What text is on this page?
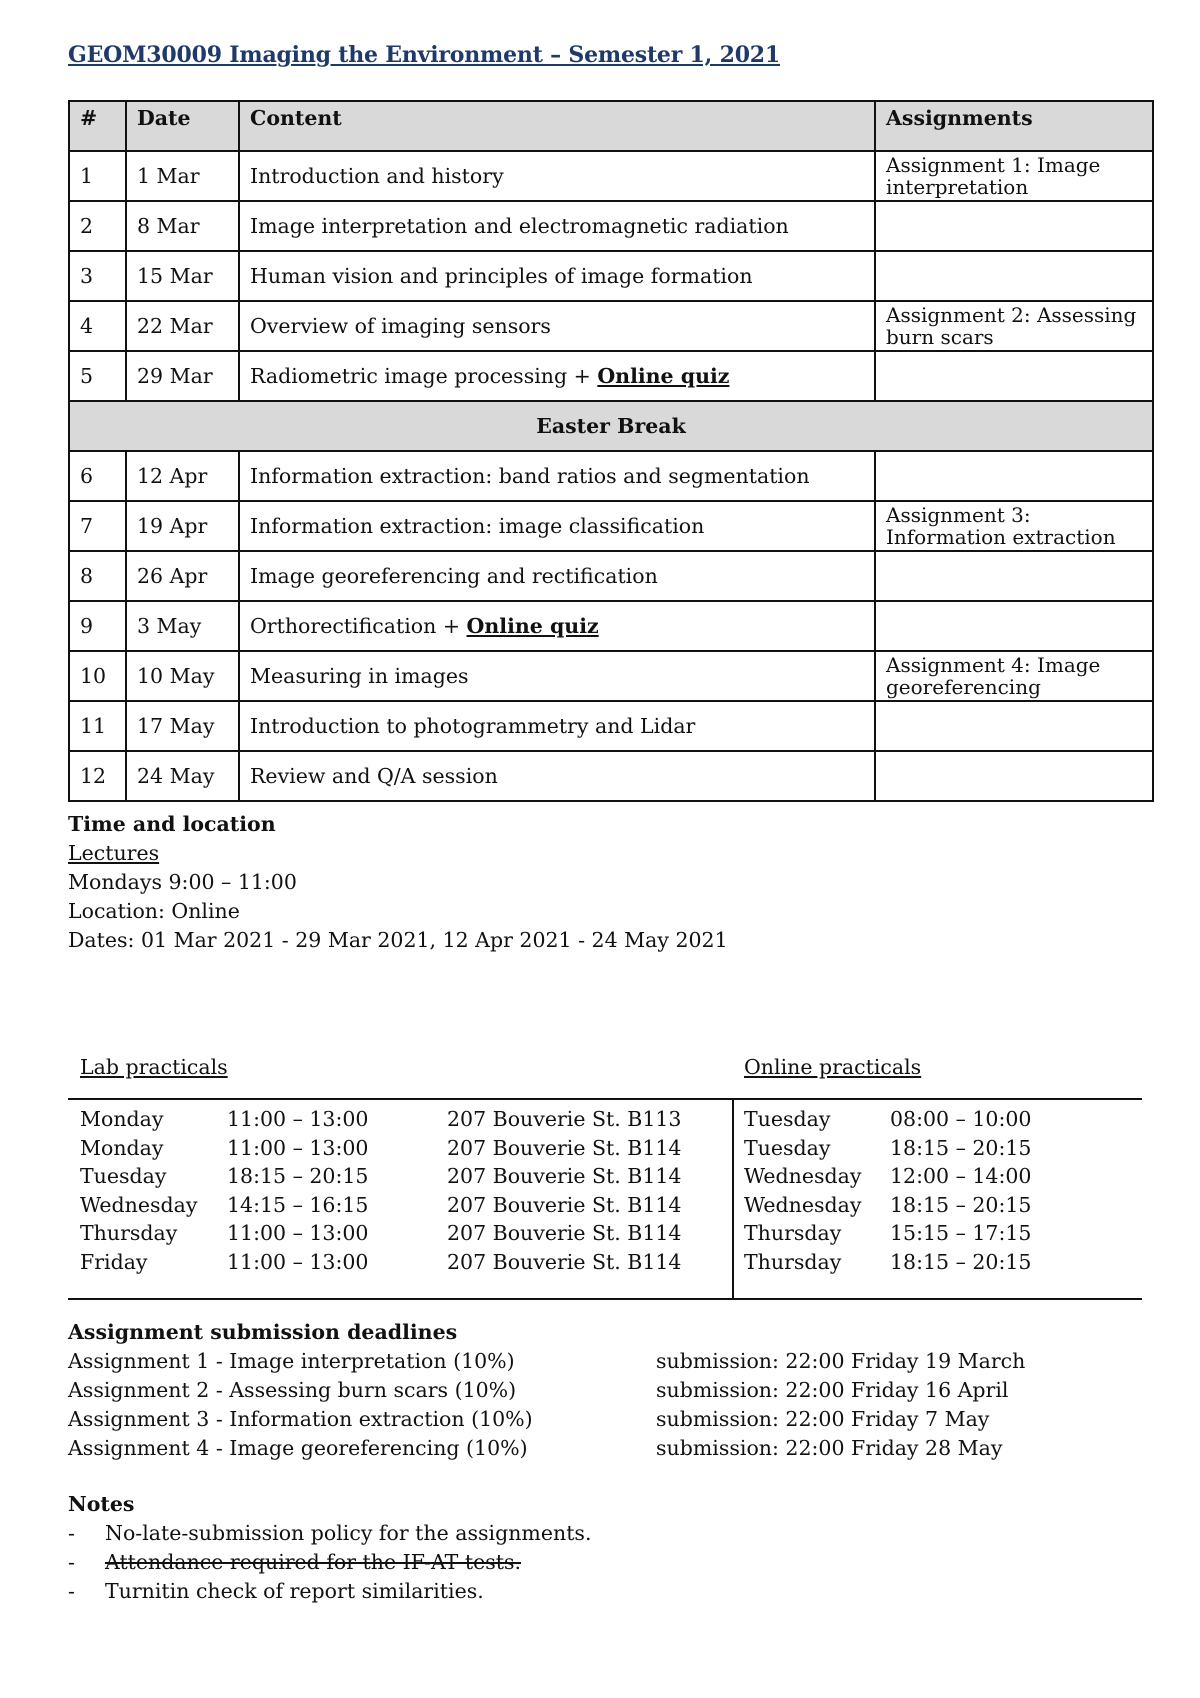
GEOM30009 Imaging the Environment – Semester 1, 2021
#	Date	Content	Assignments
1	1 Mar	Introduction and history	Assignment 1: Image interpretation
2	8 Mar	Image interpretation and electromagnetic radiation	
3	15 Mar	Human vision and principles of image formation	
4	22 Mar	Overview of imaging sensors	Assignment 2: Assessing burn scars
5	29 Mar	Radiometric image processing + Online quiz	
Easter Break			
6	12 Apr	Information extraction: band ratios and segmentation	
7	19 Apr	Information extraction: image classification	Assignment 3: Information extraction
8	26 Apr	Image georeferencing and rectification	
9	3 May	Orthorectification + Online quiz	
10	10 May	Measuring in images	Assignment 4: Image georeferencing
11	17 May	Introduction to photogrammetry and Lidar	
12	24 May	Review and Q/A session	
Time and location
Lectures
Mondays 9:00 – 11:00
Location: Online
Dates: 01 Mar 2021 - 29 Mar 2021, 12 Apr 2021 - 24 May 2021
Lab practicals	Online practicals
Monday	11:00 – 13:00	207 Bouverie St. B113
Monday	11:00 – 13:00	207 Bouverie St. B114
Tuesday	18:15 – 20:15	207 Bouverie St. B114
Wednesday 14:15 – 16:15	207 Bouverie St. B114
Thursday 11:00 – 13:00	207 Bouverie St. B114
Friday	11:00 – 13:00	207 Bouverie St. B114
Tuesday	08:00 – 10:00
Tuesday	18:15 – 20:15
Wednesday 12:00 – 14:00
Wednesday 18:15 – 20:15
Thursday 15:15 – 17:15
Thursday 18:15 – 20:15
Assignment submission deadlines
Assignment 1 - Image interpretation (10%)	submission: 22:00 Friday 19 March
Assignment 2 - Assessing burn scars (10%)	submission: 22:00 Friday 16 April
Assignment 3 - Information extraction (10%)	submission: 22:00 Friday 7 May
Assignment 4 - Image georeferencing (10%)	submission: 22:00 Friday 28 May
Notes
- No-late-submission policy for the assignments.
- Attendance required for the IF-AT tests.
- Turnitin check of report similarities.
